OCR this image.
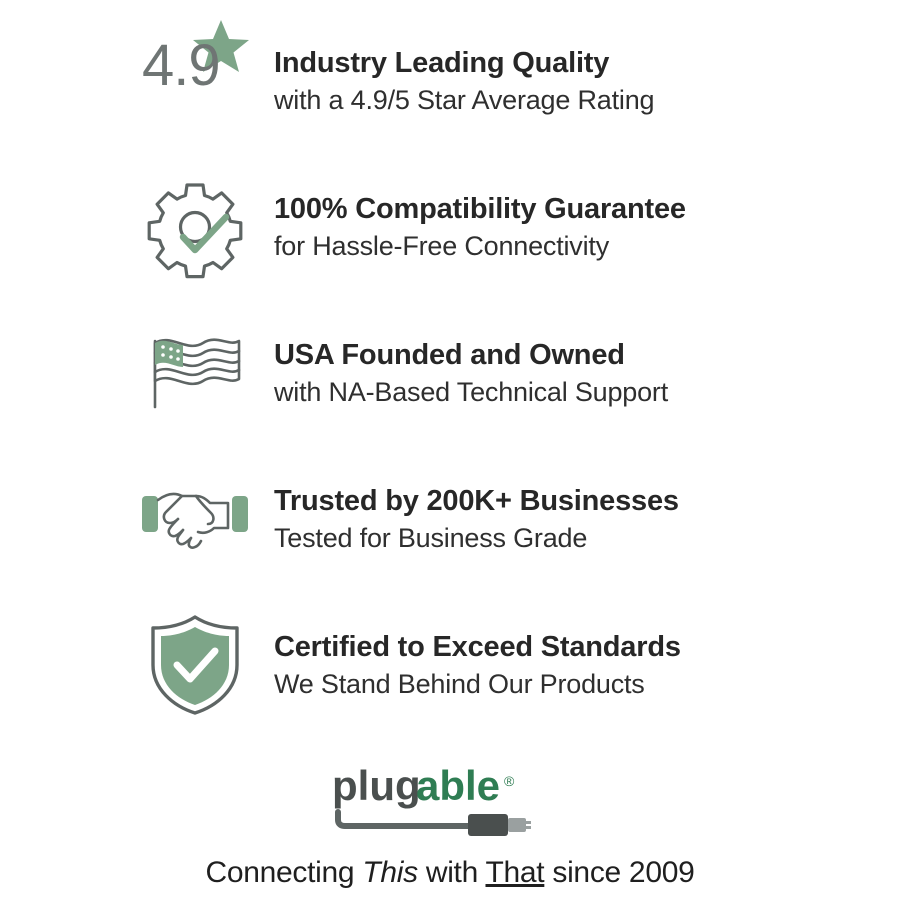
4.9 Industry Leading Quality
with a 4.9/5 Star Average Rating
100% Compatibility Guarantee
for Hassle-Free Connectivity
USA Founded and Owned
with NA-Based Technical Support
Trusted by 200K+ Businesses
Tested for Business Grade
Certified to Exceed Standards
We Stand Behind Our Products
plug
able ®
Connecting This with That since 2009
